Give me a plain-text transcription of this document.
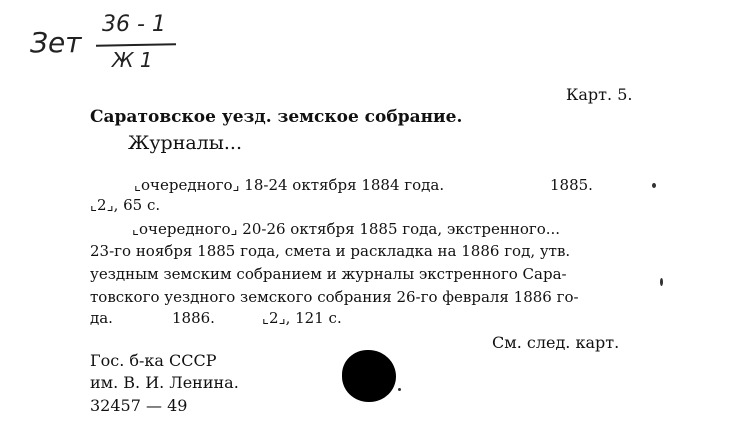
Зет
36 - 1
Ж 1
Карт. 5.
Саратовское уезд. земское собрание.
Журналы...
⌞очередного⌟ 18-24 октября 1884 года.	1885.
⌞2⌟, 65 с.
⌞очередного⌟ 20-26 октября 1885 года, экстренного...
23-го ноября 1885 года, смета и раскладка на 1886 год, утв.
уездным земским собранием и журналы экстренного Сара-
товского уездного земского собрания 26-го февраля 1886 го-
да.	1886.	⌞2⌟, 121 с.
См. след. карт.
Гос. б-ка СССР
им. В. И. Ленина.
32457 — 49
